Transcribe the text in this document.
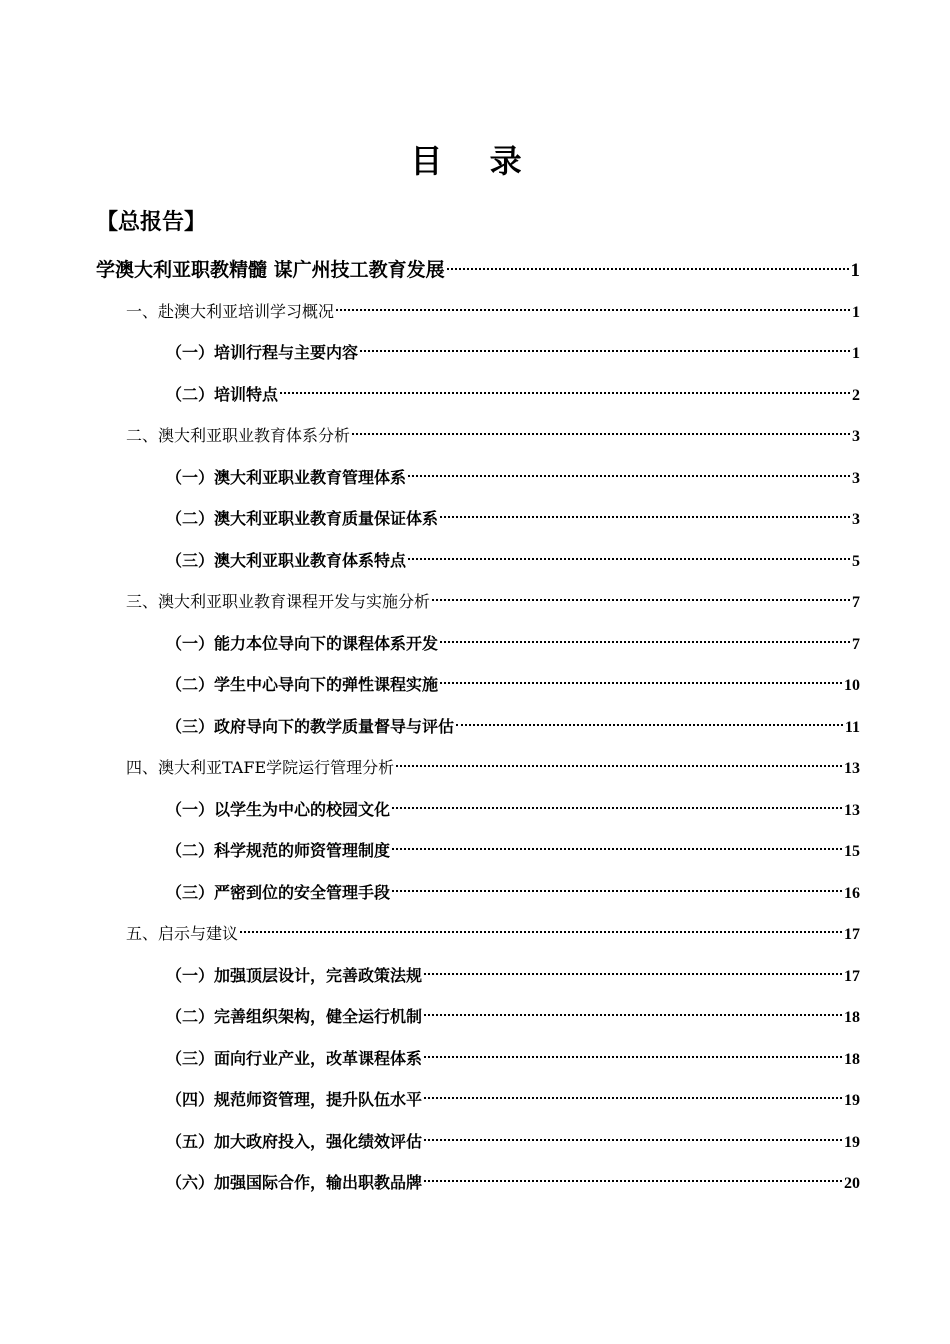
目 录
【总报告】
学澳大利亚职教精髓 谋广州技工教育发展	1
一、赴澳大利亚培训学习概况	1
（一）培训行程与主要内容	1
（二）培训特点	2
二、澳大利亚职业教育体系分析	3
（一）澳大利亚职业教育管理体系	3
（二）澳大利亚职业教育质量保证体系	3
（三）澳大利亚职业教育体系特点	5
三、澳大利亚职业教育课程开发与实施分析	7
（一）能力本位导向下的课程体系开发	7
（二）学生中心导向下的弹性课程实施	10
（三）政府导向下的教学质量督导与评估	11
四、澳大利亚TAFE学院运行管理分析	13
（一）以学生为中心的校园文化	13
（二）科学规范的师资管理制度	15
（三）严密到位的安全管理手段	16
五、启示与建议	17
（一）加强顶层设计，完善政策法规	17
（二）完善组织架构，健全运行机制	18
（三）面向行业产业，改革课程体系	18
（四）规范师资管理，提升队伍水平	19
（五）加大政府投入，强化绩效评估	19
（六）加强国际合作，输出职教品牌	20
